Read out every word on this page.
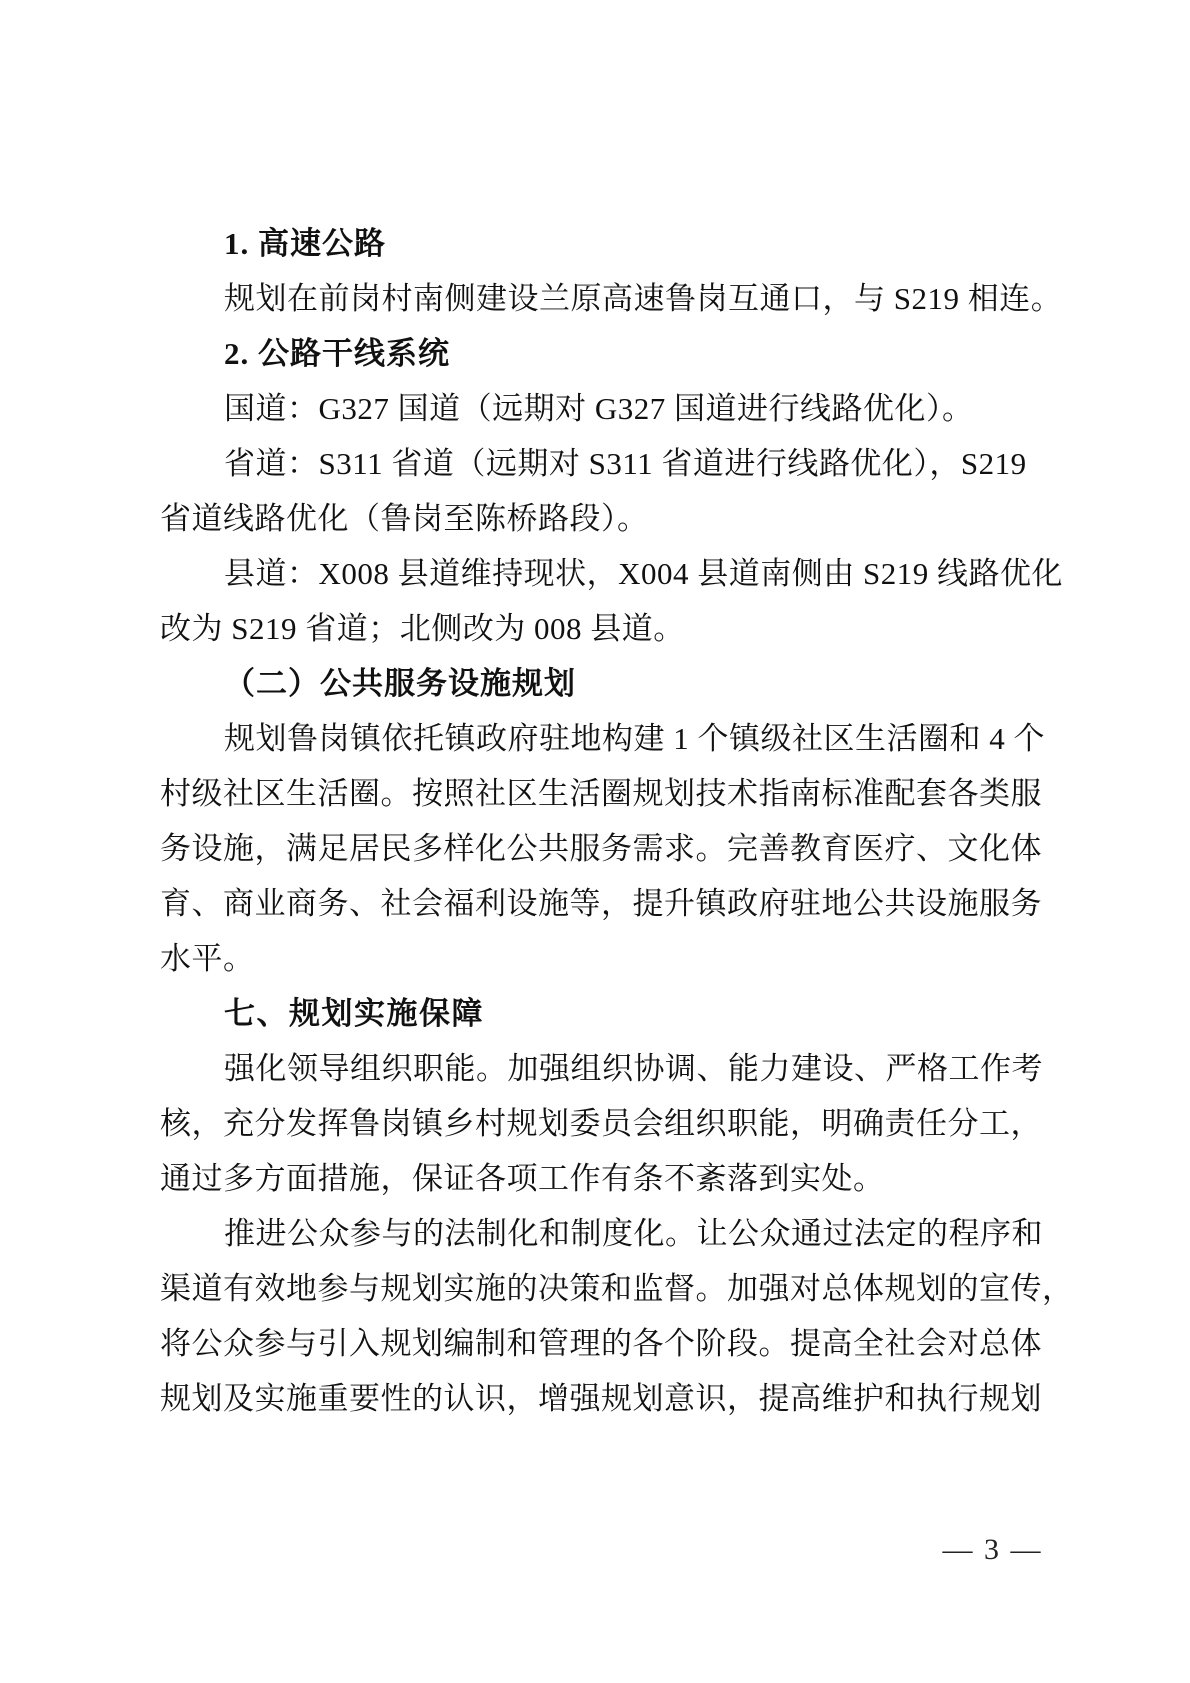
1. 高速公路
规划在前岗村南侧建设兰原高速鲁岗互通口，与 S219 相连。
2. 公路干线系统
国道：G327 国道（远期对 G327 国道进行线路优化）。
省道：S311 省道（远期对 S311 省道进行线路优化），S219
省道线路优化（鲁岗至陈桥路段）。
县道：X008 县道维持现状，X004 县道南侧由 S219 线路优化
改为 S219 省道；北侧改为 008 县道。
（二）公共服务设施规划
规划鲁岗镇依托镇政府驻地构建 1 个镇级社区生活圈和 4 个
村级社区生活圈。按照社区生活圈规划技术指南标准配套各类服
务设施，满足居民多样化公共服务需求。完善教育医疗、文化体
育、商业商务、社会福利设施等，提升镇政府驻地公共设施服务
水平。
七、规划实施保障
强化领导组织职能。加强组织协调、能力建设、严格工作考
核，充分发挥鲁岗镇乡村规划委员会组织职能，明确责任分工，
通过多方面措施，保证各项工作有条不紊落到实处。
推进公众参与的法制化和制度化。让公众通过法定的程序和
渠道有效地参与规划实施的决策和监督。加强对总体规划的宣传，
将公众参与引入规划编制和管理的各个阶段。提高全社会对总体
规划及实施重要性的认识，增强规划意识，提高维护和执行规划
— 3 —
